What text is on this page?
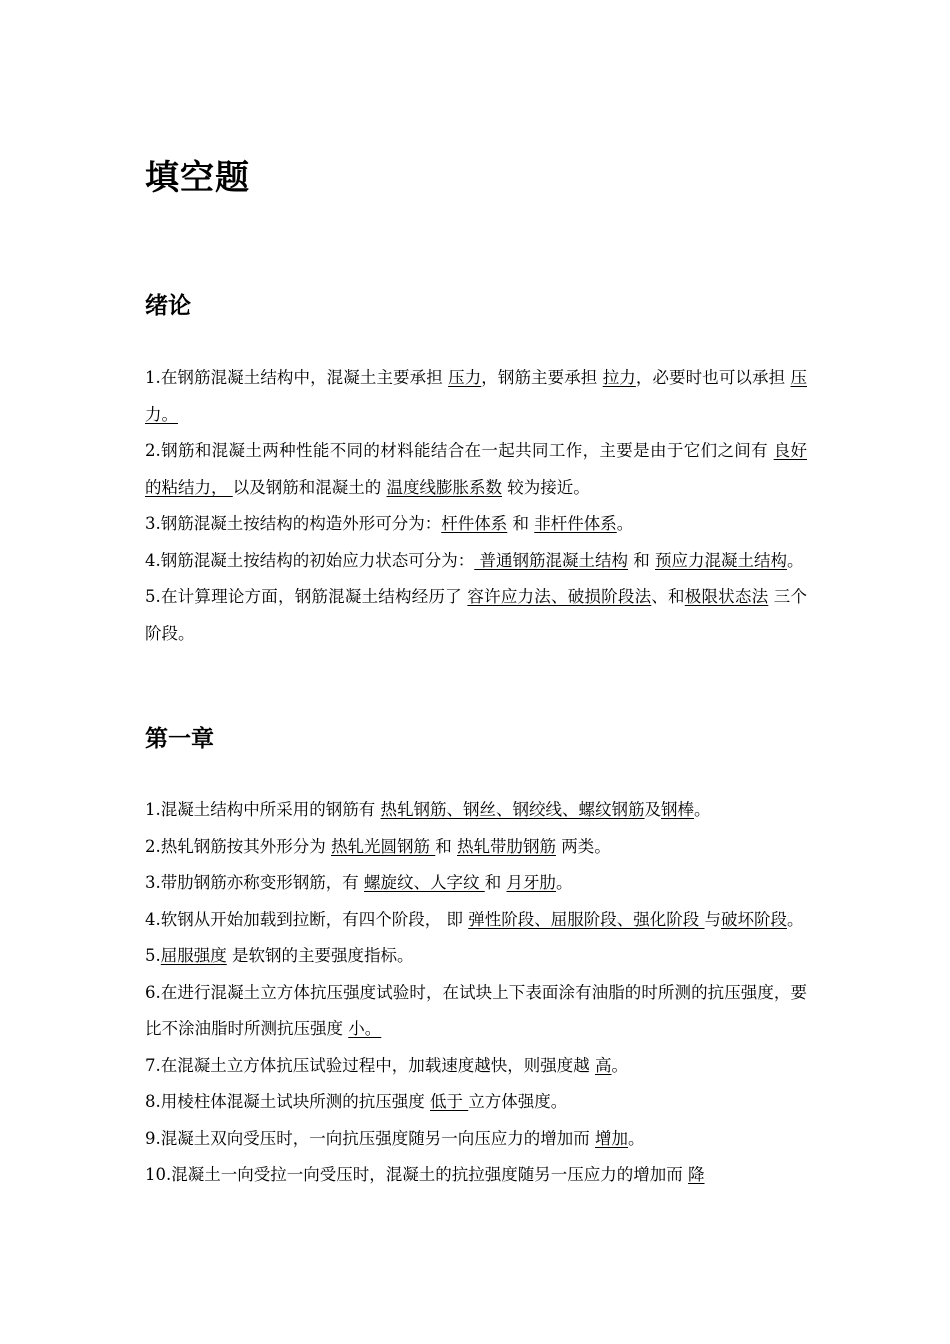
填空题
绪论

1.在钢筋混凝土结构中，混凝土主要承担 压力，钢筋主要承担 拉力，必要时也可以承担 压力。

2.钢筋和混凝土两种性能不同的材料能结合在一起共同工作，主要是由于它们之间有 良好的粘结力， 以及钢筋和混凝土的 温度线膨胀系数 较为接近。

3.钢筋混凝土按结构的构造外形可分为：杆件体系 和 非杆件体系。

4.钢筋混凝土按结构的初始应力状态可分为： 普通钢筋混凝土结构 和 预应力混凝土结构。

5.在计算理论方面，钢筋混凝土结构经历了 容许应力法、破损阶段法、和极限状态法 三个阶段。

第一章

1.混凝土结构中所采用的钢筋有 热轧钢筋、钢丝、钢绞线、螺纹钢筋及钢棒。

2.热轧钢筋按其外形分为 热轧光圆钢筋 和 热轧带肋钢筋 两类。

3.带肋钢筋亦称变形钢筋，有 螺旋纹、人字纹 和 月牙肋。

4.软钢从开始加载到拉断，有四个阶段， 即 弹性阶段、屈服阶段、强化阶段 与破坏阶段。

5.屈服强度 是软钢的主要强度指标。

6.在进行混凝土立方体抗压强度试验时，在试块上下表面涂有油脂的时所测的抗压强度，要比不涂油脂时所测抗压强度 小。

7.在混凝土立方体抗压试验过程中，加载速度越快，则强度越 高。

8.用棱柱体混凝土试块所测的抗压强度 低于 立方体强度。

9.混凝土双向受压时，一向抗压强度随另一向压应力的增加而 增加。

10.混凝土一向受拉一向受压时，混凝土的抗拉强度随另一压应力的增加而 降
